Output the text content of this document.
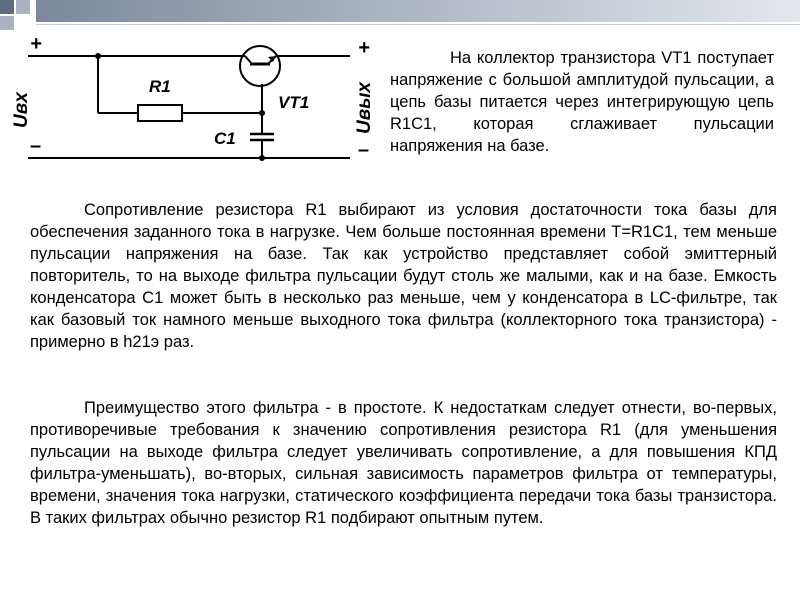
+
–
+
–
R1
C1
VT1
Uвх	Uвых

На коллектор транзистора VT1 поступает напряжение с большой амплитудой пульсации, а цепь базы питается через интегрирующую цепь R1C1, которая сглаживает пульсации напряжения на базе.

Сопротивление резистора R1 выбирают из условия достаточности тока базы для обеспечения заданного тока в нагрузке. Чем больше постоянная времени T=R1C1, тем меньше пульсации напряжения на базе. Так как устройство представляет собой эмиттерный повторитель, то на выходе фильтра пульсации будут столь же малыми, как и на базе. Емкость конденсатора С1 может быть в несколько раз меньше, чем у конденсатора в LC-фильтре, так как базовый ток намного меньше выходного тока фильтра (коллекторного тока транзистора) - примерно в h21э раз.

Преимущество этого фильтра - в простоте. К недостаткам следует отнести, во-первых, противоречивые требования к значению сопротивления резистора R1 (для уменьшения пульсации на выходе фильтра следует увеличивать сопротивление, а для повышения КПД фильтра-уменьшать), во-вторых, сильная зависимость параметров фильтра от температуры, времени, значения тока нагрузки, статического коэффициента передачи тока базы транзистора. В таких фильтрах обычно резистор R1 подбирают опытным путем.
